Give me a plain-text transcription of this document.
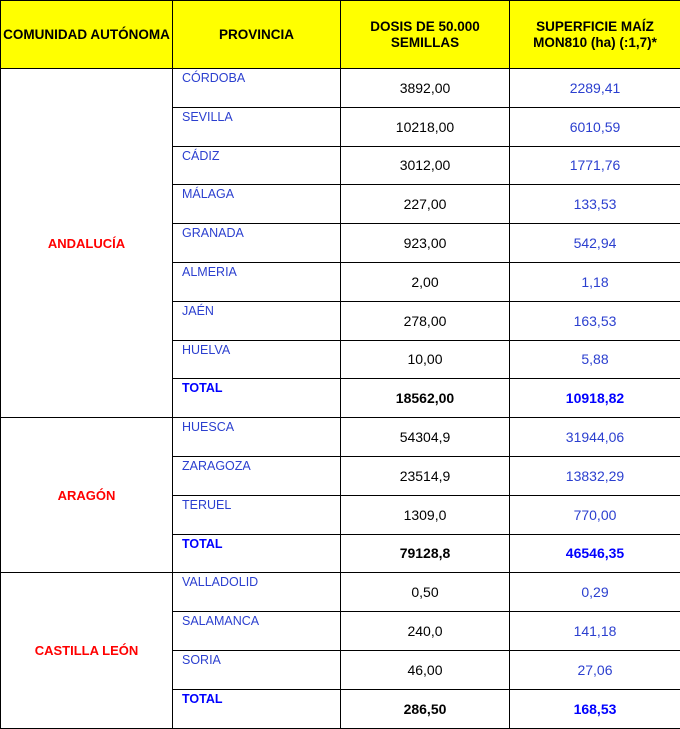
COMUNIDAD AUTÓNOMA	PROVINCIA	DOSIS DE 50.000 SEMILLAS	SUPERFICIE MAÍZ MON810 (ha) (:1,7)*
ANDALUCÍA	CÓRDOBA	3892,00	2289,41
	SEVILLA	10218,00	6010,59
	CÁDIZ	3012,00	1771,76
	MÁLAGA	227,00	133,53
	GRANADA	923,00	542,94
	ALMERIA	2,00	1,18
	JAÉN	278,00	163,53
	HUELVA	10,00	5,88
	TOTAL	18562,00	10918,82
ARAGÓN	HUESCA	54304,9	31944,06
	ZARAGOZA	23514,9	13832,29
	TERUEL	1309,0	770,00
	TOTAL	79128,8	46546,35
CASTILLA LEÓN	VALLADOLID	0,50	0,29
	SALAMANCA	240,0	141,18
	SORIA	46,00	27,06
	TOTAL	286,50	168,53
